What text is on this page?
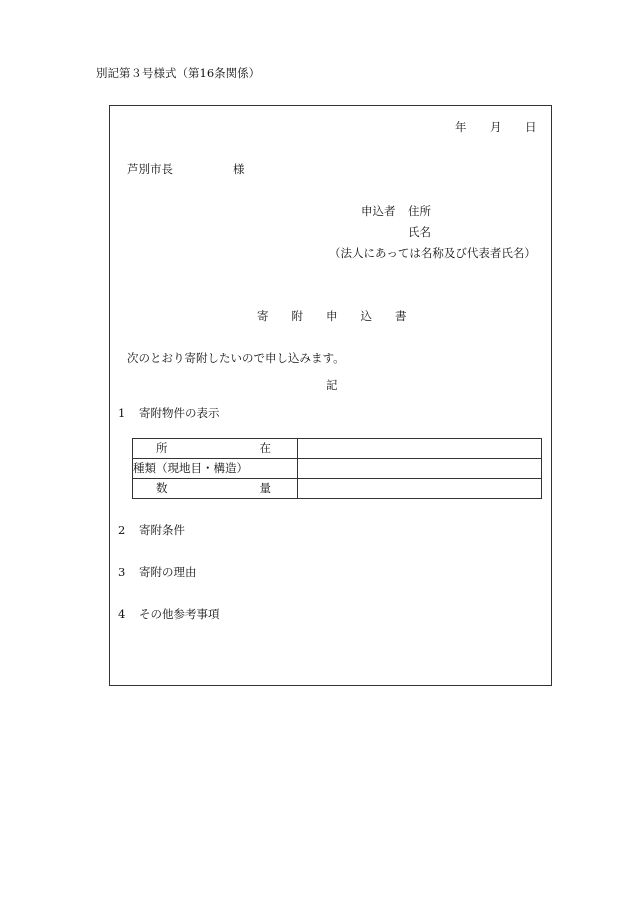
別記第３号様式（第16条関係）
年 月 日
芦別市長	様
申込者 住所
氏名
（法人にあっては名称及び代表者氏名）
寄　　附　　申　　込　　書
次のとおり寄附したいので申し込みます。
記
1 寄附物件の表示
所 在	

種類（現地目・構造）	

数 量	

2 寄附条件
3 寄附の理由
4 その他参考事項
